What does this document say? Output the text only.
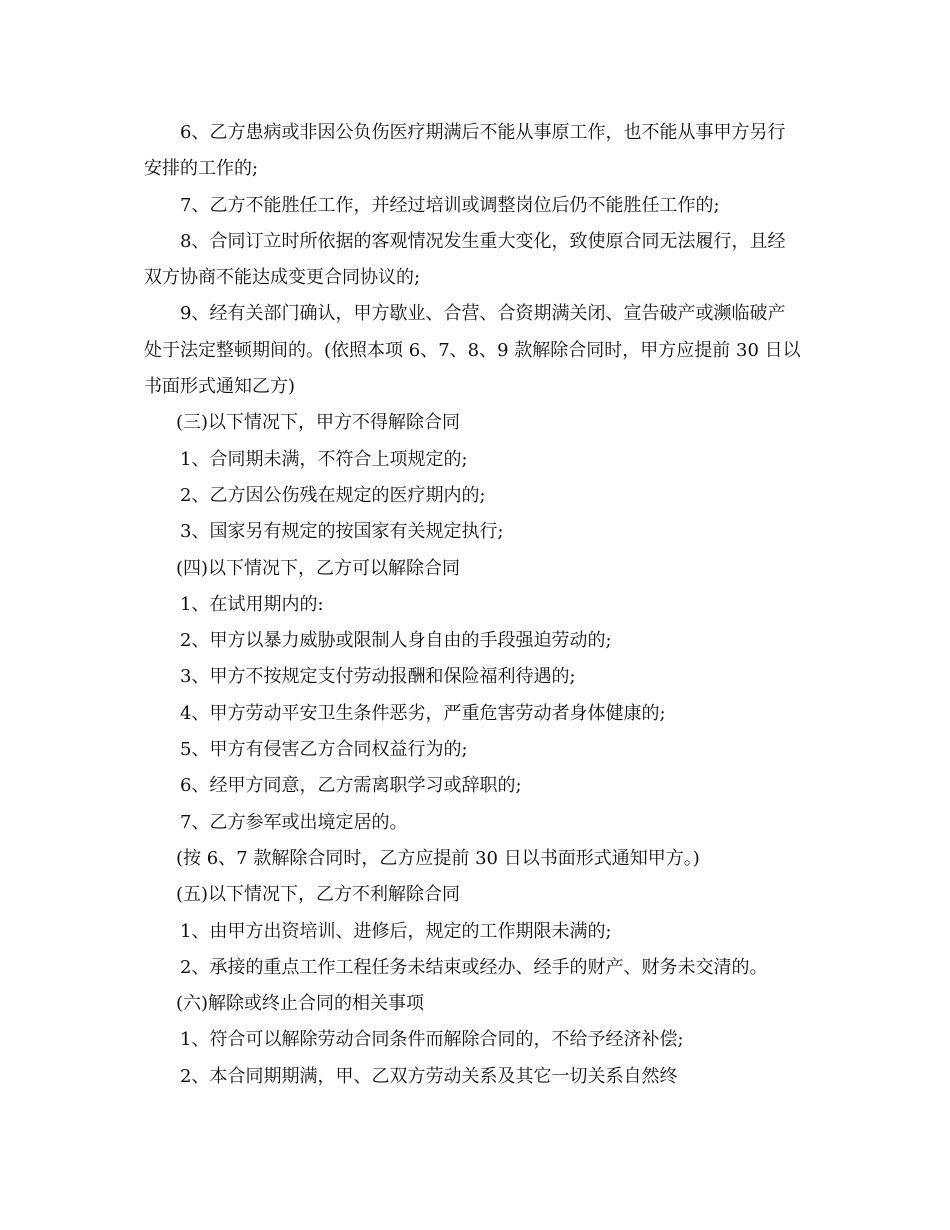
6、乙方患病或非因公负伤医疗期满后不能从事原工作，也不能从事甲方另行
安排的工作的;

7、乙方不能胜任工作，并经过培训或调整岗位后仍不能胜任工作的;

8、合同订立时所依据的客观情况发生重大变化，致使原合同无法履行，且经
双方协商不能达成变更合同协议的;

9、经有关部门确认，甲方歇业、合营、合资期满关闭、宣告破产或濒临破产
处于法定整顿期间的。(依照本项 6、7、8、9 款解除合同时，甲方应提前 30 日以
书面形式通知乙方)

(三)以下情况下，甲方不得解除合同

1、合同期未满，不符合上项规定的;

2、乙方因公伤残在规定的医疗期内的;

3、国家另有规定的按国家有关规定执行;

(四)以下情况下，乙方可以解除合同

1、在试用期内的:

2、甲方以暴力威胁或限制人身自由的手段强迫劳动的;

3、甲方不按规定支付劳动报酬和保险福利待遇的;

4、甲方劳动平安卫生条件恶劣，严重危害劳动者身体健康的;

5、甲方有侵害乙方合同权益行为的;

6、经甲方同意，乙方需离职学习或辞职的;

7、乙方参军或出境定居的。

(按 6、7 款解除合同时，乙方应提前 30 日以书面形式通知甲方。)

(五)以下情况下，乙方不利解除合同

1、由甲方出资培训、进修后，规定的工作期限未满的;

2、承接的重点工作工程任务未结束或经办、经手的财产、财务未交清的。

(六)解除或终止合同的相关事项

1、符合可以解除劳动合同条件而解除合同的，不给予经济补偿;

2、本合同期期满，甲、乙双方劳动关系及其它一切关系自然终
